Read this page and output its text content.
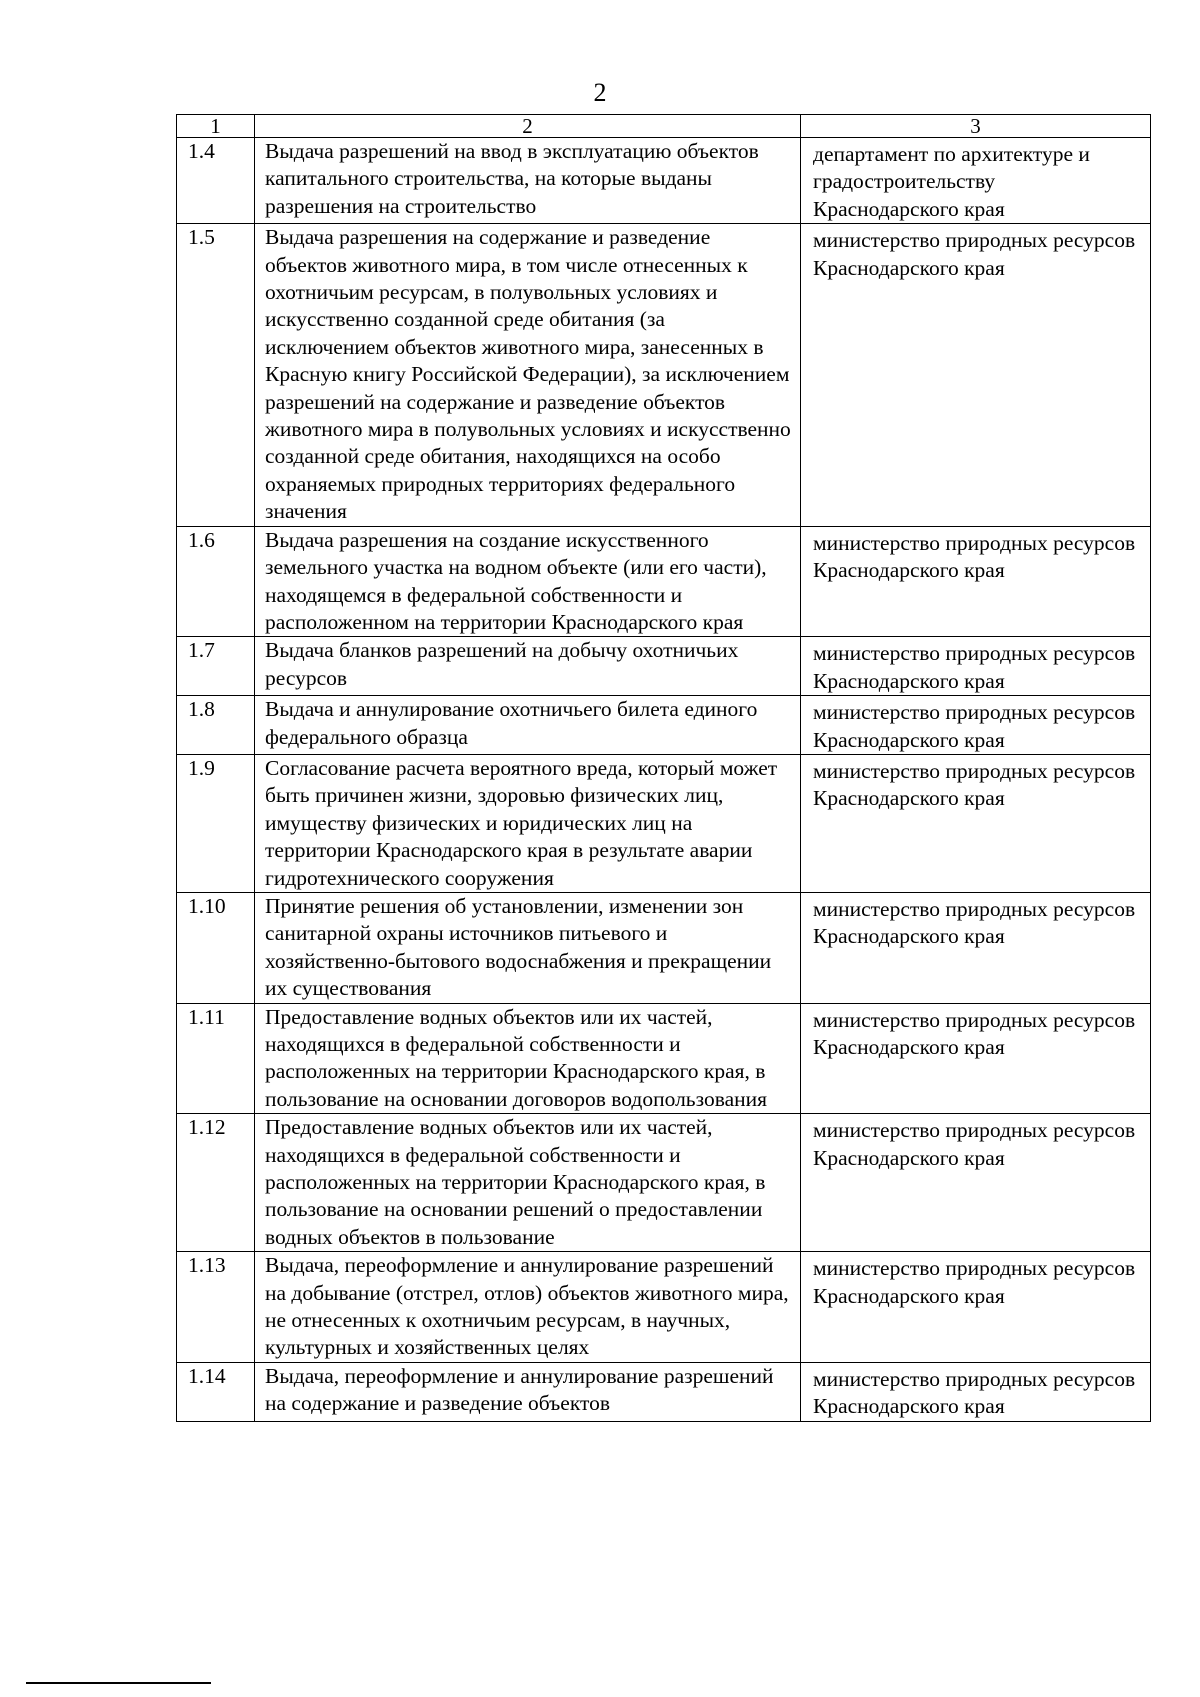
2
1	2	3
1.4	Выдача разрешений на ввод в эксплуатацию объектов капитального строительства, на которые выданы разрешения на строительство	департамент по архитектуре и градостроительству Краснодарского края
1.5	Выдача разрешения на содержание и разведение объектов животного мира, в том числе отнесенных к охотничьим ресурсам, в полувольных условиях и искусственно созданной среде обитания (за исключением объектов животного мира, занесенных в Красную книгу Российской Федерации), за исключением разрешений на содержание и разведение объектов животного мира в полувольных условиях и искусственно созданной среде обитания, находящихся на особо охраняемых природных территориях федерального значения	министерство природных ресурсов Краснодарского края
1.6	Выдача разрешения на создание искусственного земельного участка на водном объекте (или его части), находящемся в федеральной собственности и расположенном на территории Краснодарского края	министерство природных ресурсов Краснодарского края
1.7	Выдача бланков разрешений на добычу охотничьих ресурсов	министерство природных ресурсов Краснодарского края
1.8	Выдача и аннулирование охотничьего билета единого федерального образца	министерство природных ресурсов Краснодарского края
1.9	Согласование расчета вероятного вреда, который может быть причинен жизни, здоровью физических лиц, имуществу физических и юридических лиц на территории Краснодарского края в результате аварии гидротехнического сооружения	министерство природных ресурсов Краснодарского края
1.10	Принятие решения об установлении, изменении зон санитарной охраны источников питьевого и хозяйственно-бытового водоснабжения и прекращении их существования	министерство природных ресурсов Краснодарского края
1.11	Предоставление водных объектов или их частей, находящихся в федеральной собственности и расположенных на территории Краснодарского края, в пользование на основании договоров водопользования	министерство природных ресурсов Краснодарского края
1.12	Предоставление водных объектов или их частей, находящихся в федеральной собственности и расположенных на территории Краснодарского края, в пользование на основании решений о предоставлении водных объектов в пользование	министерство природных ресурсов Краснодарского края
1.13	Выдача, переоформление и аннулирование разрешений на добывание (отстрел, отлов) объектов животного мира, не отнесенных к охотничьим ресурсам, в научных, культурных и хозяйственных целях	министерство природных ресурсов Краснодарского края
1.14	Выдача, переоформление и аннулирование разрешений на содержание и разведение объектов	министерство природных ресурсов Краснодарского края
